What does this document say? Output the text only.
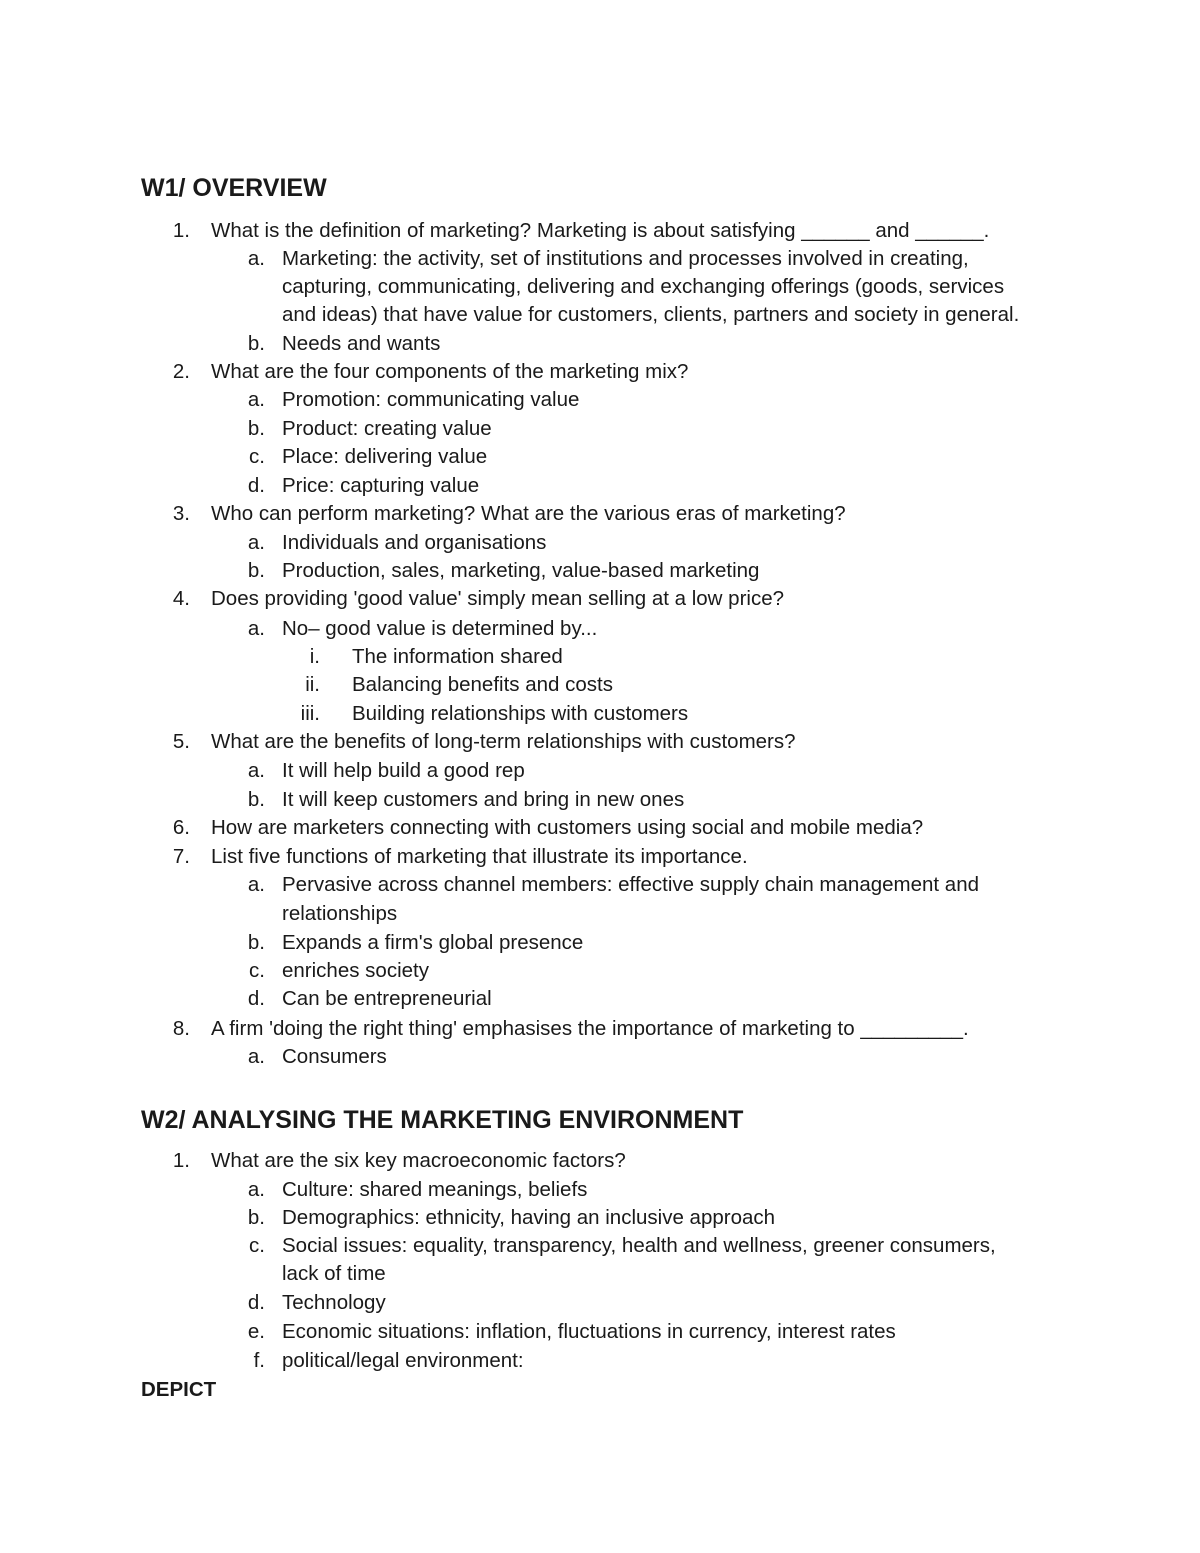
W1/ OVERVIEW
1. What is the definition of marketing? Marketing is about satisfying ______ and ______.
a. Marketing: the activity, set of institutions and processes involved in creating,
capturing, communicating, delivering and exchanging offerings (goods, services
and ideas) that have value for customers, clients, partners and society in general.
b. Needs and wants
2. What are the four components of the marketing mix?
a. Promotion: communicating value
b. Product: creating value
c. Place: delivering value
d. Price: capturing value
3. Who can perform marketing? What are the various eras of marketing?
a. Individuals and organisations
b. Production, sales, marketing, value-based marketing
4. Does providing 'good value' simply mean selling at a low price?
a. No– good value is determined by...
i. The information shared
ii. Balancing benefits and costs
iii. Building relationships with customers
5. What are the benefits of long-term relationships with customers?
a. It will help build a good rep
b. It will keep customers and bring in new ones
6. How are marketers connecting with customers using social and mobile media?
7. List five functions of marketing that illustrate its importance.
a. Pervasive across channel members: effective supply chain management and
relationships
b. Expands a firm's global presence
c. enriches society
d. Can be entrepreneurial
8. A firm 'doing the right thing' emphasises the importance of marketing to _________.
a. Consumers
W2/ ANALYSING THE MARKETING ENVIRONMENT
1. What are the six key macroeconomic factors?
a. Culture: shared meanings, beliefs
b. Demographics: ethnicity, having an inclusive approach
c. Social issues: equality, transparency, health and wellness, greener consumers,
lack of time
d. Technology
e. Economic situations: inflation, fluctuations in currency, interest rates
f. political/legal environment:
DEPICT
